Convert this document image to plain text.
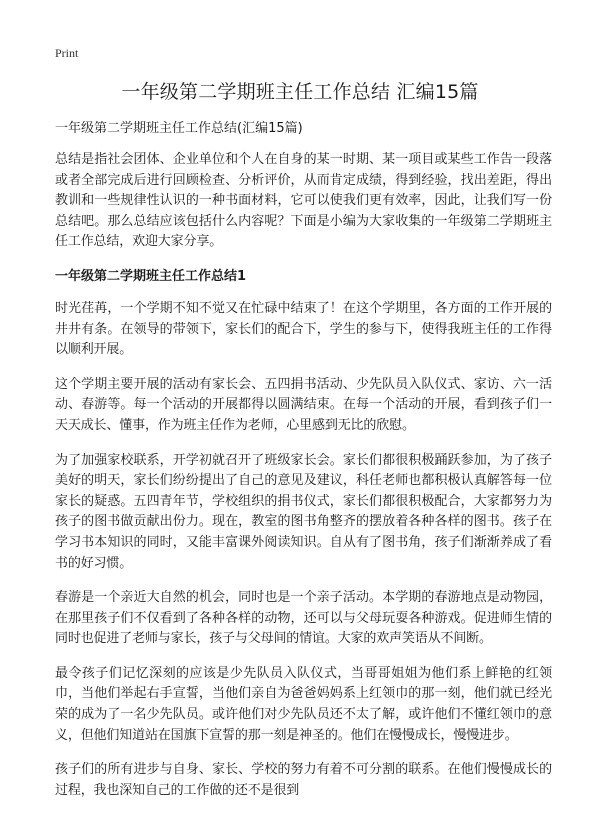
Print
一年级第二学期班主任工作总结 汇编15篇

一年级第二学期班主任工作总结(汇编15篇)

总结是指社会团体、企业单位和个人在自身的某一时期、某一项目或某些工作告一段落或者全部完成后进行回顾检查、分析评价，从而肯定成绩，得到经验，找出差距，得出教训和一些规律性认识的一种书面材料，它可以使我们更有效率，因此，让我们写一份总结吧。那么总结应该包括什么内容呢？下面是小编为大家收集的一年级第二学期班主任工作总结，欢迎大家分享。

一年级第二学期班主任工作总结1

时光荏苒，一个学期不知不觉又在忙碌中结束了！在这个学期里，各方面的工作开展的井井有条。在领导的带领下，家长们的配合下，学生的参与下，使得我班主任的工作得以顺利开展。

这个学期主要开展的活动有家长会、五四捐书活动、少先队员入队仪式、家访、六一活动、春游等。每一个活动的开展都得以圆满结束。在每一个活动的开展，看到孩子们一天天成长、懂事，作为班主任作为老师，心里感到无比的欣慰。

为了加强家校联系，开学初就召开了班级家长会。家长们都很积极踊跃参加，为了孩子美好的明天，家长们纷纷提出了自己的意见及建议，科任老师也都积极认真解答每一位家长的疑惑。五四青年节，学校组织的捐书仪式，家长们都很积极配合，大家都努力为孩子的图书做贡献出份力。现在，教室的图书角整齐的摆放着各种各样的图书。孩子在学习书本知识的同时，又能丰富课外阅读知识。自从有了图书角，孩子们渐渐养成了看书的好习惯。

春游是一个亲近大自然的机会，同时也是一个亲子活动。本学期的春游地点是动物园，在那里孩子们不仅看到了各种各样的动物，还可以与父母玩耍各种游戏。促进师生情的同时也促进了老师与家长，孩子与父母间的情谊。大家的欢声笑语从不间断。

最令孩子们记忆深刻的应该是少先队员入队仪式，当哥哥姐姐为他们系上鲜艳的红领巾，当他们举起右手宣誓，当他们亲自为爸爸妈妈系上红领巾的那一刻，他们就已经光荣的成为了一名少先队员。或许他们对少先队员还不太了解，或许他们不懂红领巾的意义，但他们知道站在国旗下宣誓的那一刻是神圣的。他们在慢慢成长，慢慢进步。

孩子们的所有进步与自身、家长、学校的努力有着不可分割的联系。在他们慢慢成长的过程，我也深知自己的工作做的还不是很到
